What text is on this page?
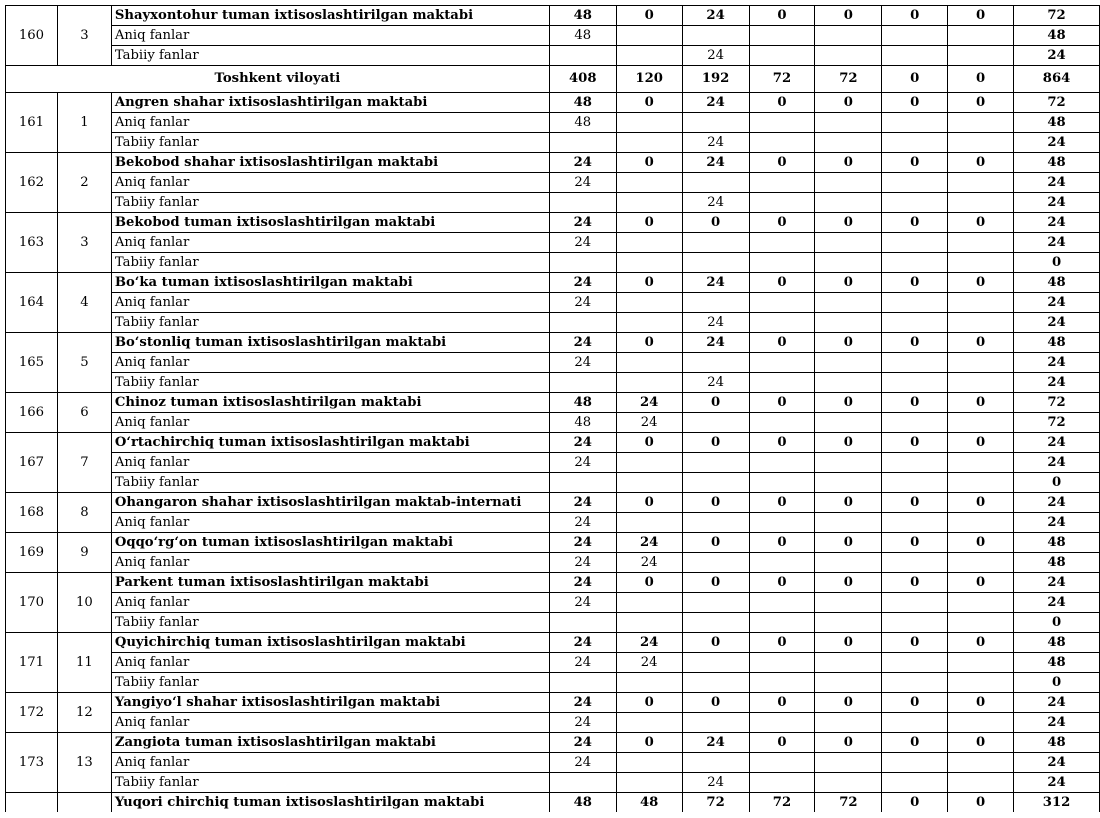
160	3	Shayxontohur tuman ixtisoslashtirilgan maktabi	48	0	24	0	0	0	0	72
		Aniq fanlar	48							48
		Tabiiy fanlar			24					24
Toshkent viloyati			408	120	192	72	72	0	0	864
161	1	Angren shahar ixtisoslashtirilgan maktabi	48	0	24	0	0	0	0	72
		Aniq fanlar	48							48
		Tabiiy fanlar			24					24
162	2	Bekobod shahar ixtisoslashtirilgan maktabi	24	0	24	0	0	0	0	48
		Aniq fanlar	24							24
		Tabiiy fanlar			24					24
163	3	Bekobod tuman ixtisoslashtirilgan maktabi	24	0	0	0	0	0	0	24
		Aniq fanlar	24							24
		Tabiiy fanlar								0
164	4	Bo‘ka tuman ixtisoslashtirilgan maktabi	24	0	24	0	0	0	0	48
		Aniq fanlar	24							24
		Tabiiy fanlar			24					24
165	5	Bo‘stonliq tuman ixtisoslashtirilgan maktabi	24	0	24	0	0	0	0	48
		Aniq fanlar	24							24
		Tabiiy fanlar			24					24
166	6	Chinoz tuman ixtisoslashtirilgan maktabi	48	24	0	0	0	0	0	72
		Aniq fanlar	48	24						72
167	7	O‘rtachirchiq tuman ixtisoslashtirilgan maktabi	24	0	0	0	0	0	0	24
		Aniq fanlar	24							24
		Tabiiy fanlar								0
168	8	Ohangaron shahar ixtisoslashtirilgan maktab-internati	24	0	0	0	0	0	0	24
		Aniq fanlar	24							24
169	9	Oqqo‘rg‘on tuman ixtisoslashtirilgan maktabi	24	24	0	0	0	0	0	48
		Aniq fanlar	24	24						48
170	10	Parkent tuman ixtisoslashtirilgan maktabi	24	0	0	0	0	0	0	24
		Aniq fanlar	24							24
		Tabiiy fanlar								0
171	11	Quyichirchiq tuman ixtisoslashtirilgan maktabi	24	24	0	0	0	0	0	48
		Aniq fanlar	24	24						48
		Tabiiy fanlar								0
172	12	Yangiyo‘l shahar ixtisoslashtirilgan maktabi	24	0	0	0	0	0	0	24
		Aniq fanlar	24							24
173	13	Zangiota tuman ixtisoslashtirilgan maktabi	24	0	24	0	0	0	0	48
		Aniq fanlar	24							24
		Tabiiy fanlar			24					24
		Yuqori chirchiq tuman ixtisoslashtirilgan maktabi	48	48	72	72	72	0	0	312
